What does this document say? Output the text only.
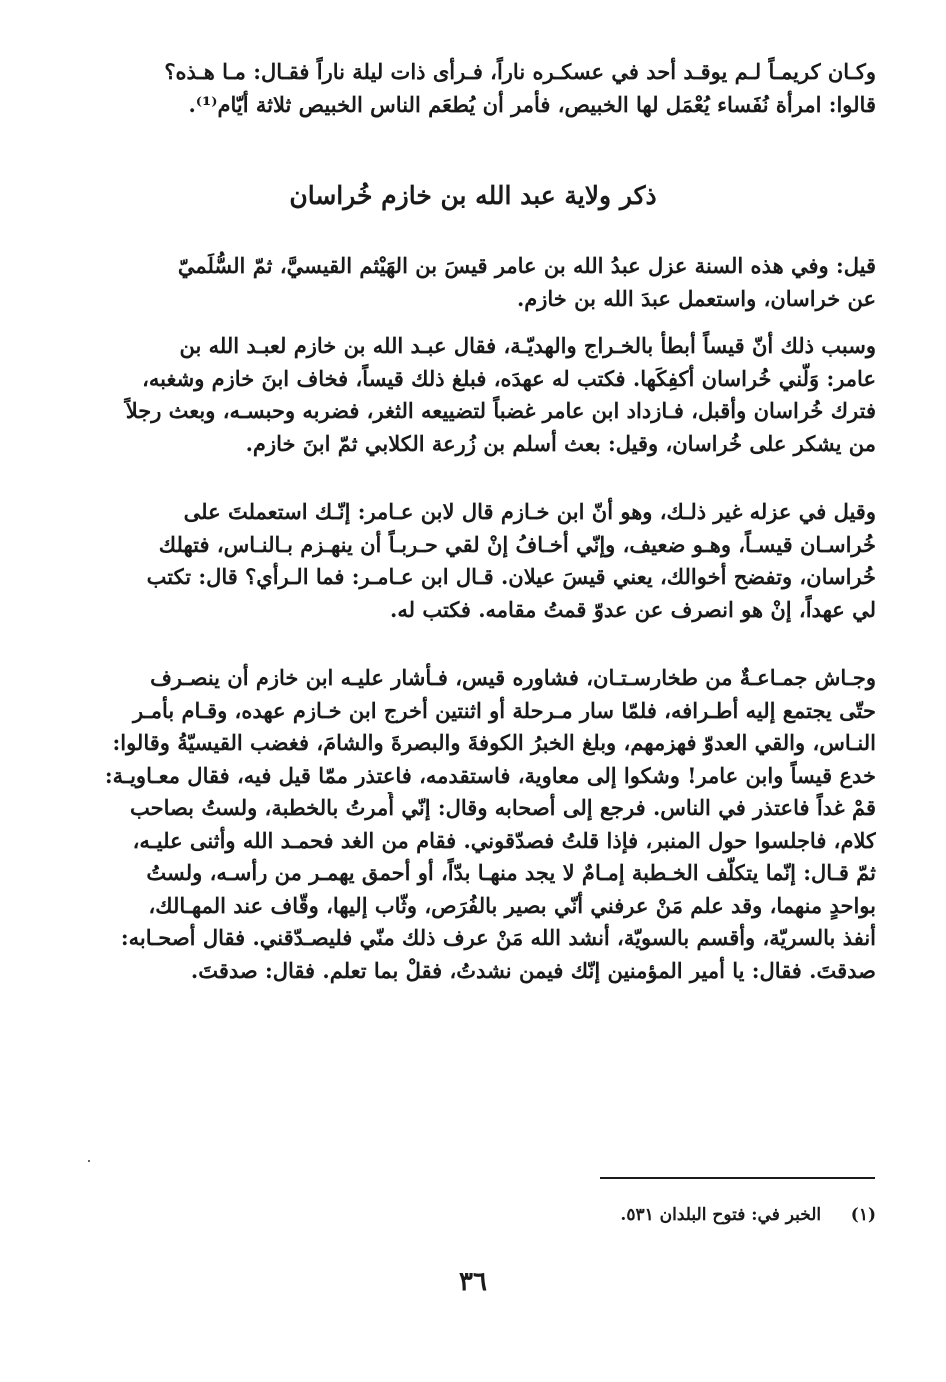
وكـان كريمـاً لـم يوقـد أحد في عسكـره ناراً، فـرأى ذات ليلة ناراً فقـال: مـا هـذه؟
قالوا: امرأة نُفَساء يُعْمَل لها الخبيص، فأمر أن يُطعَم الناس الخبيص ثلاثة أيّام⁽¹⁾.
ذكر ولاية عبد الله بن خازم خُراسان
قيل: وفي هذه السنة عزل عبدُ الله بن عامر قيسَ بن الهَيْثم القيسيَّ، ثمّ السُّلَميّ
عن خراسان، واستعمل عبدَ الله بن خازم.
وسبب ذلك أنّ قيساً أبطأ بالخـراج والهديّـة، فقال عبـد الله بن خازم لعبـد الله بن
عامر: وَلّني خُراسان أكفِكَها. فكتب له عهدَه، فبلغ ذلك قيساً، فخاف ابنَ خازم وشغبه،
فترك خُراسان وأقبل، فـازداد ابن عامر غضباً لتضييعه الثغر، فضربه وحبسـه، وبعث رجلاً
من يشكر على خُراسان، وقيل: بعث أسلم بن زُرعة الكلابي ثمّ ابنَ خازم.
وقيل في عزله غير ذلـك، وهو أنّ ابن خـازم قال لابن عـامر: إنّـك استعملتَ على
خُراسـان قيسـاً، وهـو ضعيف، وإنّي أخـافُ إنْ لقي حـربـاً أن ينهـزم بـالنـاس، فتهلك
خُراسان، وتفضح أخوالك، يعني قيسَ عيلان. قـال ابن عـامـر: فما الـرأي؟ قال: تكتب
لي عهداً، إنْ هو انصرف عن عدوّ قمتُ مقامه. فكتب له.
وجـاش جمـاعـةٌ من طخارسـتـان، فشاوره قيس، فـأشار عليـه ابن خازم أن ينصـرف
حتّى يجتمع إليه أطـرافه، فلمّا سار مـرحلة أو اثنتين أخرج ابن خـازم عهده، وقـام بأمـر
النـاس، والقي العدوّ فهزمهم، وبلغ الخبرُ الكوفةَ والبصرةَ والشامَ، فغضب القيسيّةُ وقالوا:
خدع قيساً وابن عامر! وشكوا إلى معاوية، فاستقدمه، فاعتذر ممّا قيل فيه، فقال معـاويـة:
قمْ غداً فاعتذر في الناس. فرجع إلى أصحابه وقال: إنّي أُمرتُ بالخطبة، ولستُ بصاحب
كلام، فاجلسوا حول المنبر، فإذا قلتُ فصدّقوني. فقام من الغد فحمـد الله وأثنى عليـه،
ثمّ قـال: إنّما يتكلّف الخـطبة إمـامٌ لا يجد منهـا بدّاً، أو أحمق يهمـر من رأسـه، ولستُ
بواحدٍ منهما، وقد علم مَنْ عرفني أنّي بصير بالفُرَص، وثّاب إليها، وقّاف عند المهـالك،
أنفذ بالسريّة، وأقسم بالسويّة، أنشد الله مَنْ عرف ذلك منّي فليصـدّقني. فقال أصحـابه:
صدقتَ. فقال: يا أمير المؤمنين إنّك فيمن نشدتُ، فقلْ بما تعلم. فقال: صدقتَ.
(١)     الخبر في: فتوح البلدان ٥٣١.
٣٦
